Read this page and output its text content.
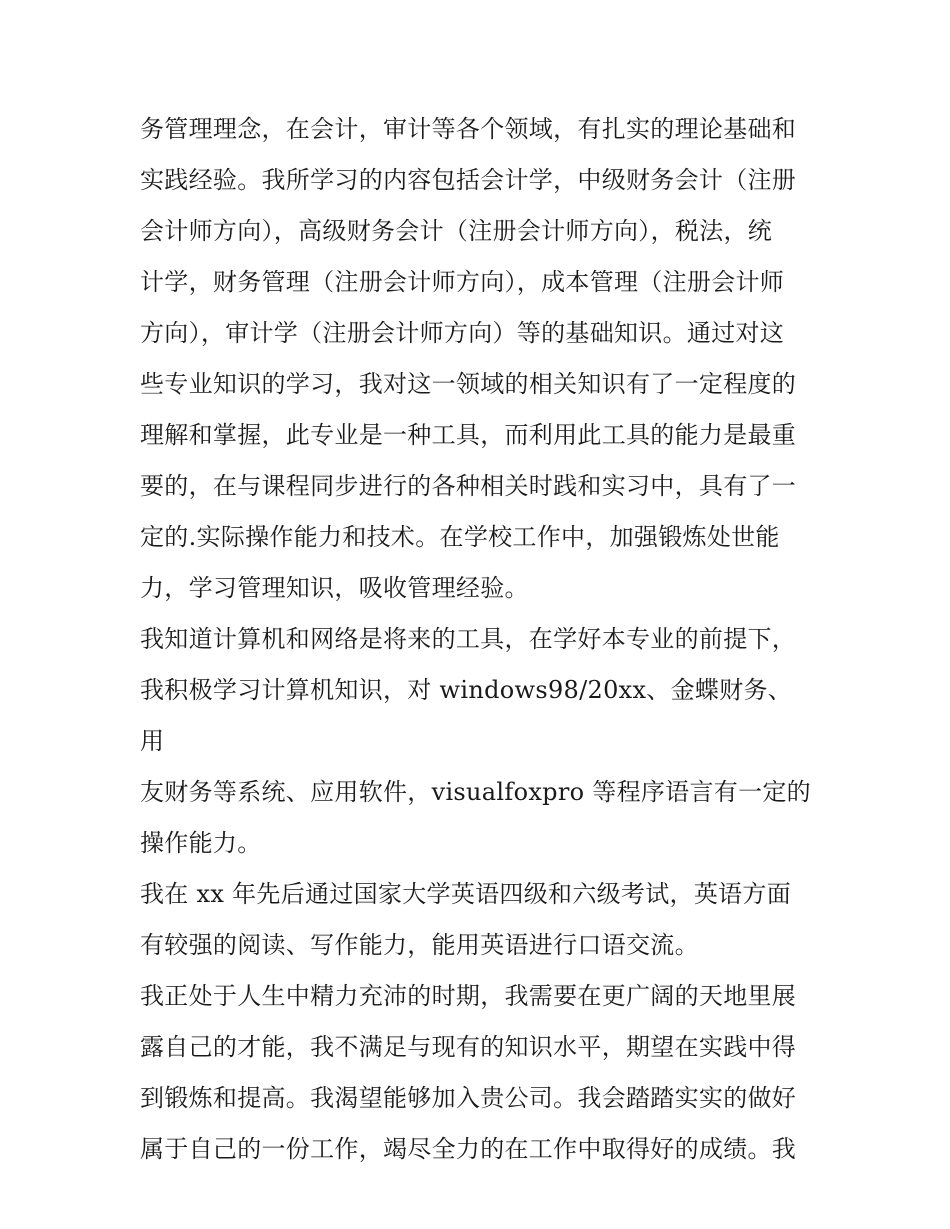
务管理理念，在会计，审计等各个领域，有扎实的理论基础和
实践经验。我所学习的内容包括会计学，中级财务会计（注册
会计师方向），高级财务会计（注册会计师方向），税法，统
计学，财务管理（注册会计师方向），成本管理（注册会计师
方向），审计学（注册会计师方向）等的基础知识。通过对这
些专业知识的学习，我对这一领域的相关知识有了一定程度的
理解和掌握，此专业是一种工具，而利用此工具的能力是最重
要的，在与课程同步进行的各种相关时践和实习中，具有了一
定的.实际操作能力和技术。在学校工作中，加强锻炼处世能
力，学习管理知识，吸收管理经验。

我知道计算机和网络是将来的工具，在学好本专业的前提下，
我积极学习计算机知识，对 windows98/20xx、金蝶财务、用
友财务等系统、应用软件，visualfoxpro 等程序语言有一定的
操作能力。

我在 xx 年先后通过国家大学英语四级和六级考试，英语方面
有较强的阅读、写作能力，能用英语进行口语交流。

我正处于人生中精力充沛的时期，我需要在更广阔的天地里展
露自己的才能，我不满足与现有的知识水平，期望在实践中得
到锻炼和提高。我渴望能够加入贵公司。我会踏踏实实的做好
属于自己的一份工作，竭尽全力的在工作中取得好的成绩。我
